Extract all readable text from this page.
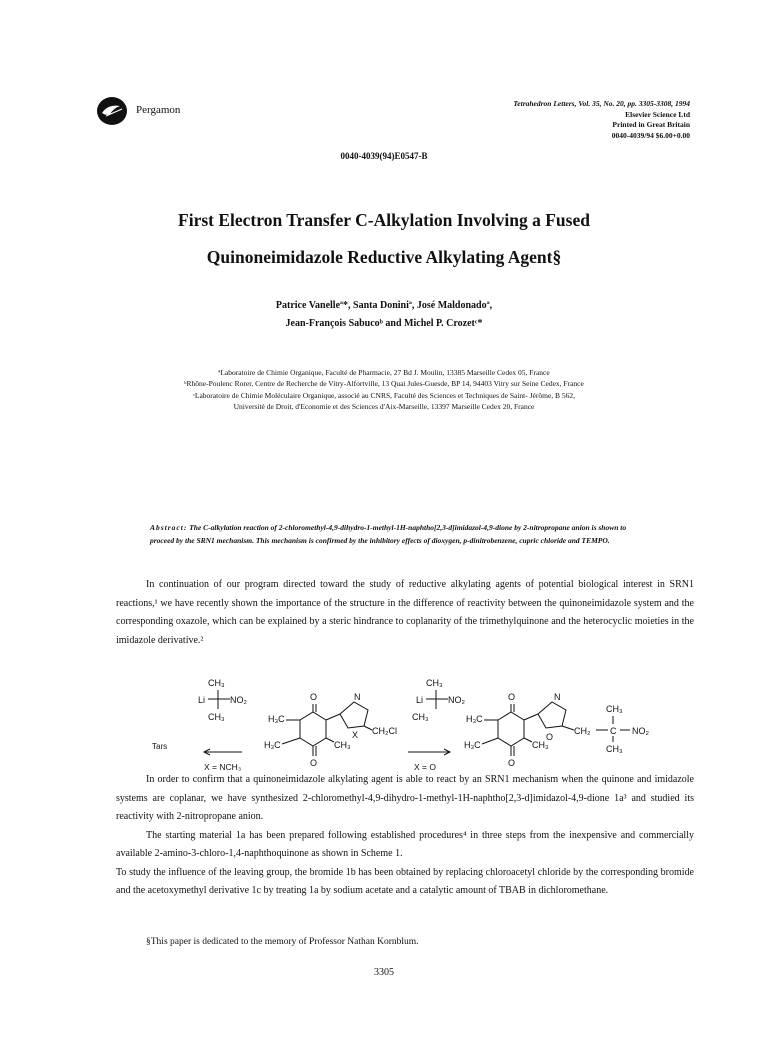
Pergamon
Tetrahedron Letters, Vol. 35, No. 20, pp. 3305-3308, 1994
Elsevier Science Ltd
Printed in Great Britain
0040-4039/94 $6.00+0.00
0040-4039(94)E0547-B
First Electron Transfer C-Alkylation Involving a Fused
Quinoneimidazole Reductive Alkylating Agent§
Patrice Vanelleª*, Santa Doniniª, José Maldonadoª,
Jean-François Sabucoᵇ and Michel P. Crozetᶜ*
ªLaboratoire de Chimie Organique, Faculté de Pharmacie, 27 Bd J. Moulin, 13385 Marseille Cedex 05, France
ᵇRhône-Poulenc Rorer, Centre de Recherche de Vitry-Alfortville, 13 Quai Jules-Guesde, BP 14, 94403 Vitry sur Seine Cedex, France
ᶜLaboratoire de Chimie Moléculaire Organique, associé au CNRS, Faculté des Sciences et Techniques de Saint- Jérôme, B 562,
Université de Droit, d'Economie et des Sciences d'Aix-Marseille, 13397 Marseille Cedex 20, France
Abstract: The C-alkylation reaction of 2-chloromethyl-4,9-dihydro-1-methyl-1H-naphtho[2,3-d]imidazol-4,9-dione by 2-nitropropane anion is shown to proceed by the SRN1 mechanism. This mechanism is confirmed by the inhibitory effects of dioxygen, p-dinitrobenzene, cupric chloride and TEMPO.

In continuation of our program directed toward the study of reductive alkylating agents of potential biological interest in SRN1 reactions,¹ we have recently shown the importance of the structure in the difference of reactivity between the quinoneimidazole system and the corresponding oxazole, which can be explained by a steric hindrance to coplanarity of the trimethylquinone and the heterocyclic moieties in the imidazole derivative.²

CH₃
Li	NO₂
CH₃
O
O
H₃C
H₃C	CH₃
N
X CH₂Cl
Tars
X = NCH₃
CH₃
Li	NO₂
CH₃
X = O
O
O
H₃C
H₃C	CH₃
N
O
CH₂ C
CH₃
CH₃
NO₂

In order to confirm that a quinoneimidazole alkylating agent is able to react by an SRN1 mechanism when the quinone and imidazole systems are coplanar, we have synthesized 2-chloromethyl-4,9-dihydro-1-methyl-1H-naphtho[2,3-d]imidazol-4,9-dione 1a³ and studied its reactivity with 2-nitropropane anion.

The starting material 1a has been prepared following established procedures⁴ in three steps from the inexpensive and commercially available 2-amino-3-chloro-1,4-naphthoquinone as shown in Scheme 1.

To study the influence of the leaving group, the bromide 1b has been obtained by replacing chloroacetyl chloride by the corresponding bromide and the acetoxymethyl derivative 1c by treating 1a by sodium acetate and a catalytic amount of TBAB in dichloromethane.

§This paper is dedicated to the memory of Professor Nathan Kornblum.
3305
